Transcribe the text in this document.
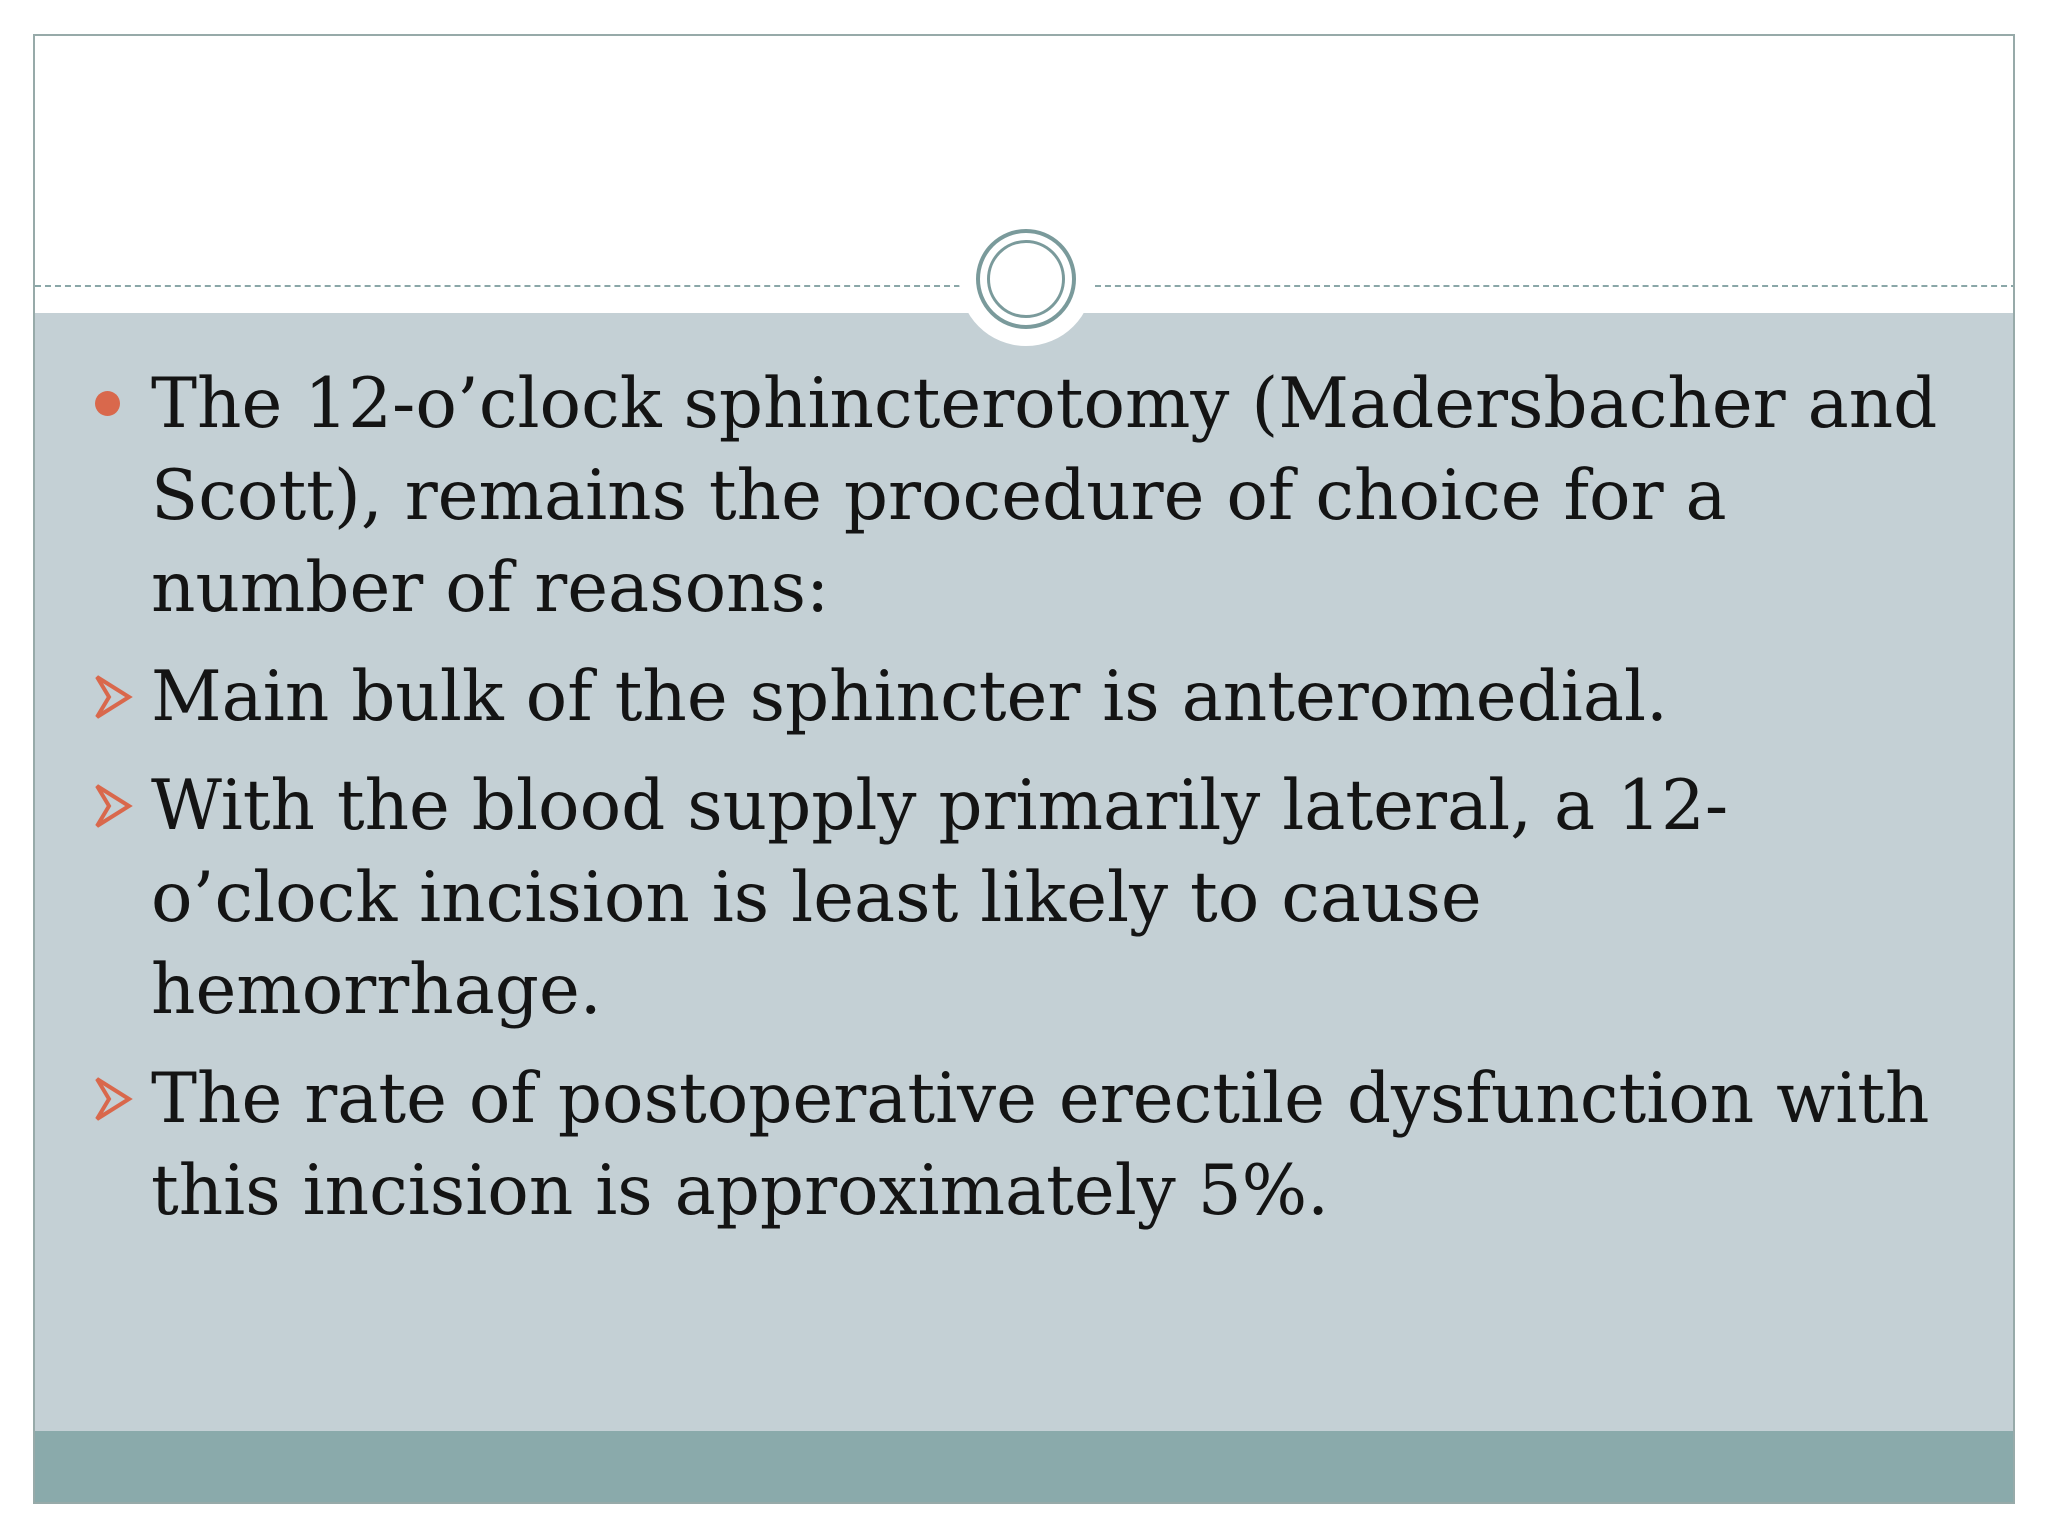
The 12-o’clock sphincterotomy (Madersbacher and Scott), remains the procedure of choice for a number of reasons:
Main bulk of the sphincter is anteromedial.
With the blood supply primarily lateral, a 12-o’clock incision is least likely to cause hemorrhage.
The rate of postoperative erectile dysfunction with this incision is approximately 5%.
